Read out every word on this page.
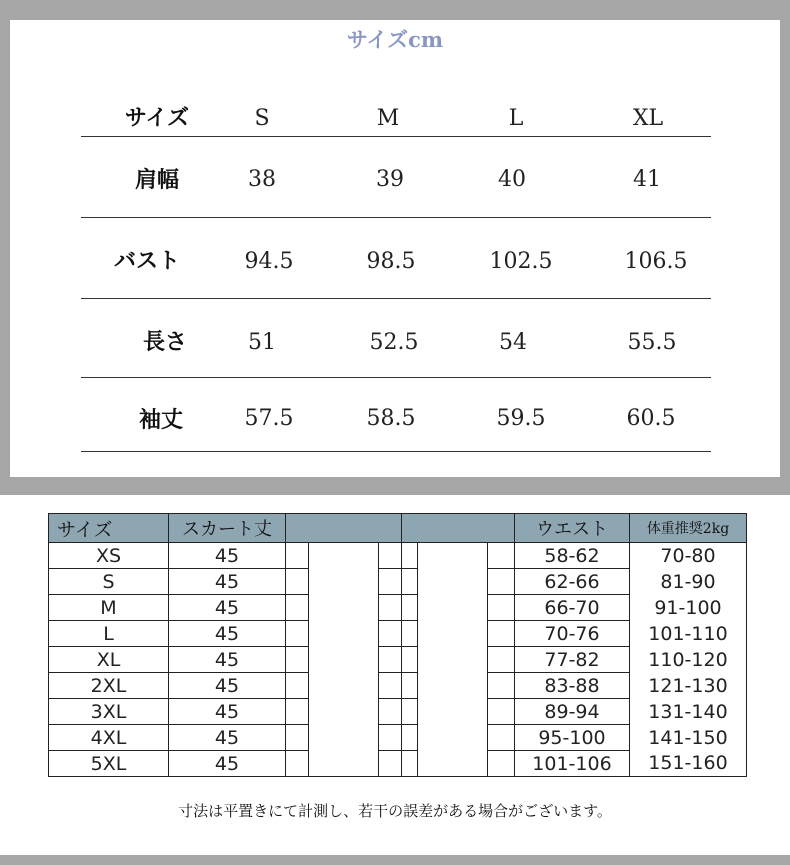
サイズcm
サイズ	S	M	L	XL
肩幅	38	39	40	41
バスト	94.5	98.5	102.5	106.5
長さ	51	52.5	54	55.5
袖丈	57.5	58.5	59.5	60.5
サイズ	スカート丈							ウエスト	体重推奨2kg
XS	45							58-62	70-80
S	45							62-66	81-90
M	45							66-70	91-100
L	45							70-76	101-110
XL	45							77-82	110-120
2XL	45							83-88	121-130
3XL	45							89-94	131-140
4XL	45							95-100	141-150
5XL	45							101-106	151-160
寸法は平置きにて計測し、若干の誤差がある場合がございます。
